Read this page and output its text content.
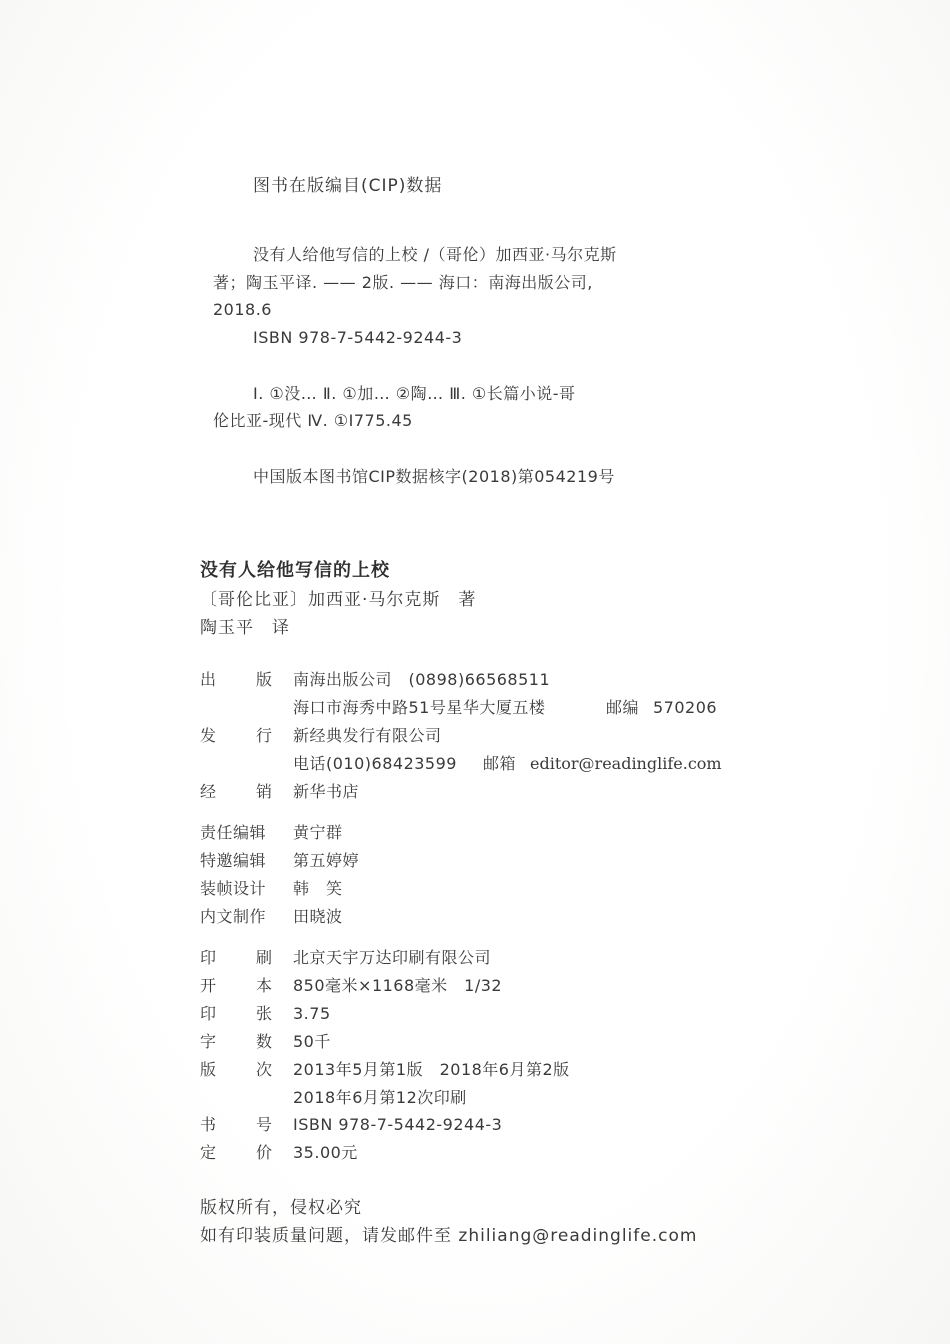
图书在版编目(CIP)数据
没有人给他写信的上校 /（哥伦）加西亚·马尔克斯
著；陶玉平译. —— 2版. —— 海口：南海出版公司,
2018.6
ISBN 978-7-5442-9244-3
Ⅰ. ①没… Ⅱ. ①加… ②陶… Ⅲ. ①长篇小说-哥
伦比亚-现代 Ⅳ. ①I775.45
中国版本图书馆CIP数据核字(2018)第054219号
没有人给他写信的上校
〔哥伦比亚〕加西亚·马尔克斯　著
陶玉平　译
出 版 南海出版公司　(0898)66568511
海口市海秀中路51号星华大厦五楼	邮编 570206
发 行 新经典发行有限公司
电话(010)68423599 邮箱 editor@readinglife.com
经 销 新华书店
责任编辑 黄宁群
特邀编辑 第五婷婷
装帧设计 韩　笑
内文制作 田晓波
印 刷 北京天宇万达印刷有限公司
开 本 850毫米×1168毫米　1/32
印 张 3.75
字 数 50千
版 次 2013年5月第1版　2018年6月第2版
2018年6月第12次印刷
书 号 ISBN 978-7-5442-9244-3
定 价 35.00元
版权所有，侵权必究
如有印装质量问题，请发邮件至 zhiliang@readinglife.com
